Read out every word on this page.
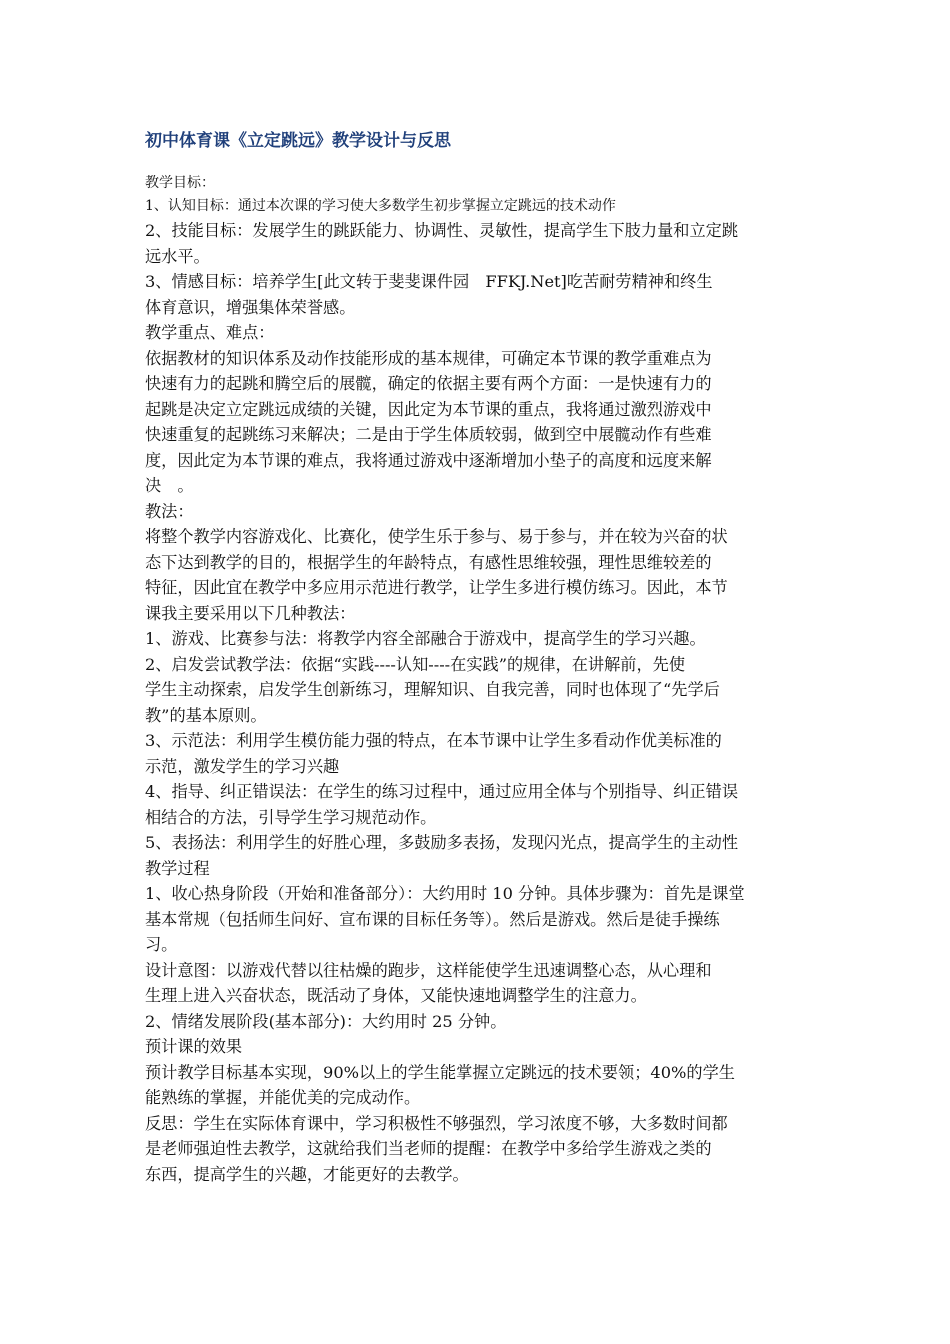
初中体育课《立定跳远》教学设计与反思

教学目标：

1、认知目标：通过本次课的学习使大多数学生初步掌握立定跳远的技术动作

2、技能目标：发展学生的跳跃能力、协调性、灵敏性，提高学生下肢力量和立定跳

远水平。

3、情感目标：培养学生[此文转于斐斐课件园　FFKJ.Net]吃苦耐劳精神和终生

体育意识，增强集体荣誉感。

教学重点、难点：

依据教材的知识体系及动作技能形成的基本规律，可确定本节课的教学重难点为

快速有力的起跳和腾空后的展髋，确定的依据主要有两个方面：一是快速有力的

起跳是决定立定跳远成绩的关键，因此定为本节课的重点，我将通过激烈游戏中

快速重复的起跳练习来解决；二是由于学生体质较弱，做到空中展髋动作有些难

度，因此定为本节课的难点，我将通过游戏中逐渐增加小垫子的高度和远度来解

决　。

教法：

将整个教学内容游戏化、比赛化，使学生乐于参与、易于参与，并在较为兴奋的状

态下达到教学的目的，根据学生的年龄特点，有感性思维较强，理性思维较差的

特征，因此宜在教学中多应用示范进行教学，让学生多进行模仿练习。因此，本节

课我主要采用以下几种教法：

1、游戏、比赛参与法：将教学内容全部融合于游戏中，提高学生的学习兴趣。

2、启发尝试教学法：依据“实践----认知----在实践”的规律，在讲解前，先使

学生主动探索，启发学生创新练习，理解知识、自我完善，同时也体现了“先学后

教”的基本原则。

3、示范法：利用学生模仿能力强的特点，在本节课中让学生多看动作优美标准的

示范，激发学生的学习兴趣

4、指导、纠正错误法：在学生的练习过程中，通过应用全体与个别指导、纠正错误

相结合的方法，引导学生学习规范动作。

5、表扬法：利用学生的好胜心理，多鼓励多表扬，发现闪光点，提高学生的主动性

教学过程

1、收心热身阶段（开始和准备部分）：大约用时 10 分钟。具体步骤为：首先是课堂

基本常规（包括师生问好、宣布课的目标任务等）。然后是游戏。然后是徒手操练

习。

设计意图：以游戏代替以往枯燥的跑步，这样能使学生迅速调整心态，从心理和

生理上进入兴奋状态，既活动了身体，又能快速地调整学生的注意力。

2、情绪发展阶段(基本部分)：大约用时 25 分钟。

预计课的效果

预计教学目标基本实现，90%以上的学生能掌握立定跳远的技术要领；40%的学生

能熟练的掌握，并能优美的完成动作。

反思：学生在实际体育课中，学习积极性不够强烈，学习浓度不够，大多数时间都

是老师强迫性去教学，这就给我们当老师的提醒：在教学中多给学生游戏之类的

东西，提高学生的兴趣，才能更好的去教学。
